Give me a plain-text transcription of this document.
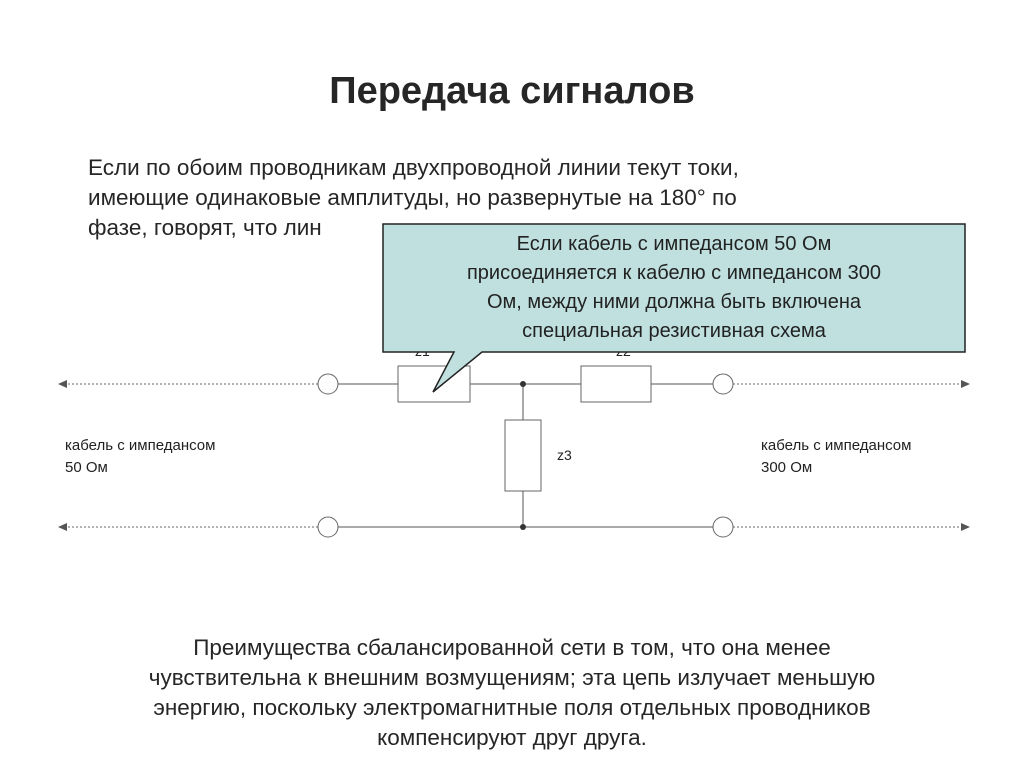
Передача сигналов
Если по обоим проводникам двухпроводной линии текут токи,
имеющие одинаковые амплитуды, но развернутые на 180° по
фазе, говорят, что лин
Если кабель с импедансом 50 Ом
присоединяется к кабелю с импедансом 300
Ом, между ними должна быть включена
специальная резистивная схема
z3
кабель с импедансом
50 Ом
кабель с импедансом
300 Ом
Преимущества сбалансированной сети в том, что она менее
чувствительна к внешним возмущениям; эта цепь излучает меньшую
энергию, поскольку электромагнитные поля отдельных проводников
компенсируют друг друга.
